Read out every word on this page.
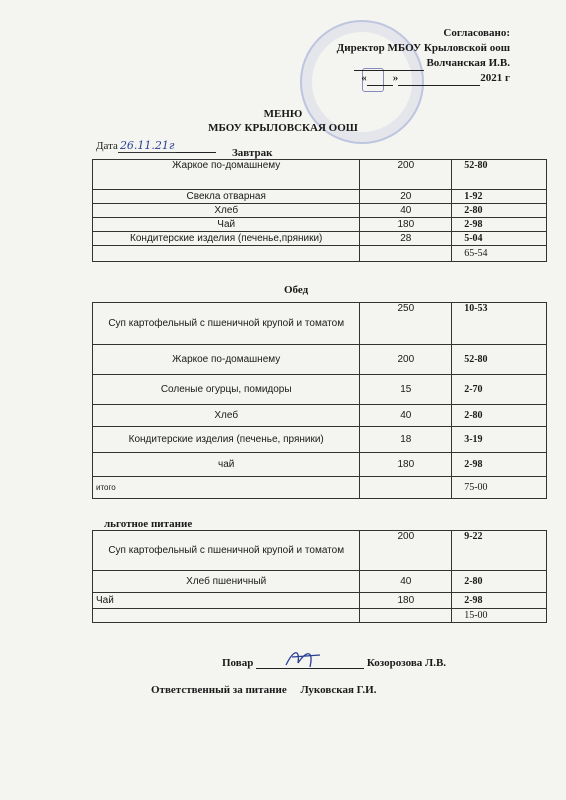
Согласовано:
Директор МБОУ Крыловской оош
Волчанская И.В.
« »	2021 г
МЕНЮ
МБОУ КРЫЛОВСКАЯ ООШ
Дата 26.11.21г
Завтрак
Жаркое по-домашнему	200	52-80
Свекла отварная	20	1-92
Хлеб	40	2-80
Чай	180	2-98
Кондитерские изделия (печенье,пряники)	28	5-04
		65-54
Обед
Суп картофельный с пшеничной крупой и томатом	250	10-53
Жаркое по-домашнему	200	52-80
Соленые огурцы, помидоры	15	2-70
Хлеб	40	2-80
Кондитерские изделия (печенье, пряники)	18	3-19
чай	180	2-98
итого		75-00
льготное питание
Суп картофельный с пшеничной крупой и томатом	200	9-22
Хлеб пшеничный	40	2-80
Чай	180	2-98
		15-00
Повар	Козорозова Л.В.
Ответственный за питание Луковская Г.И.
